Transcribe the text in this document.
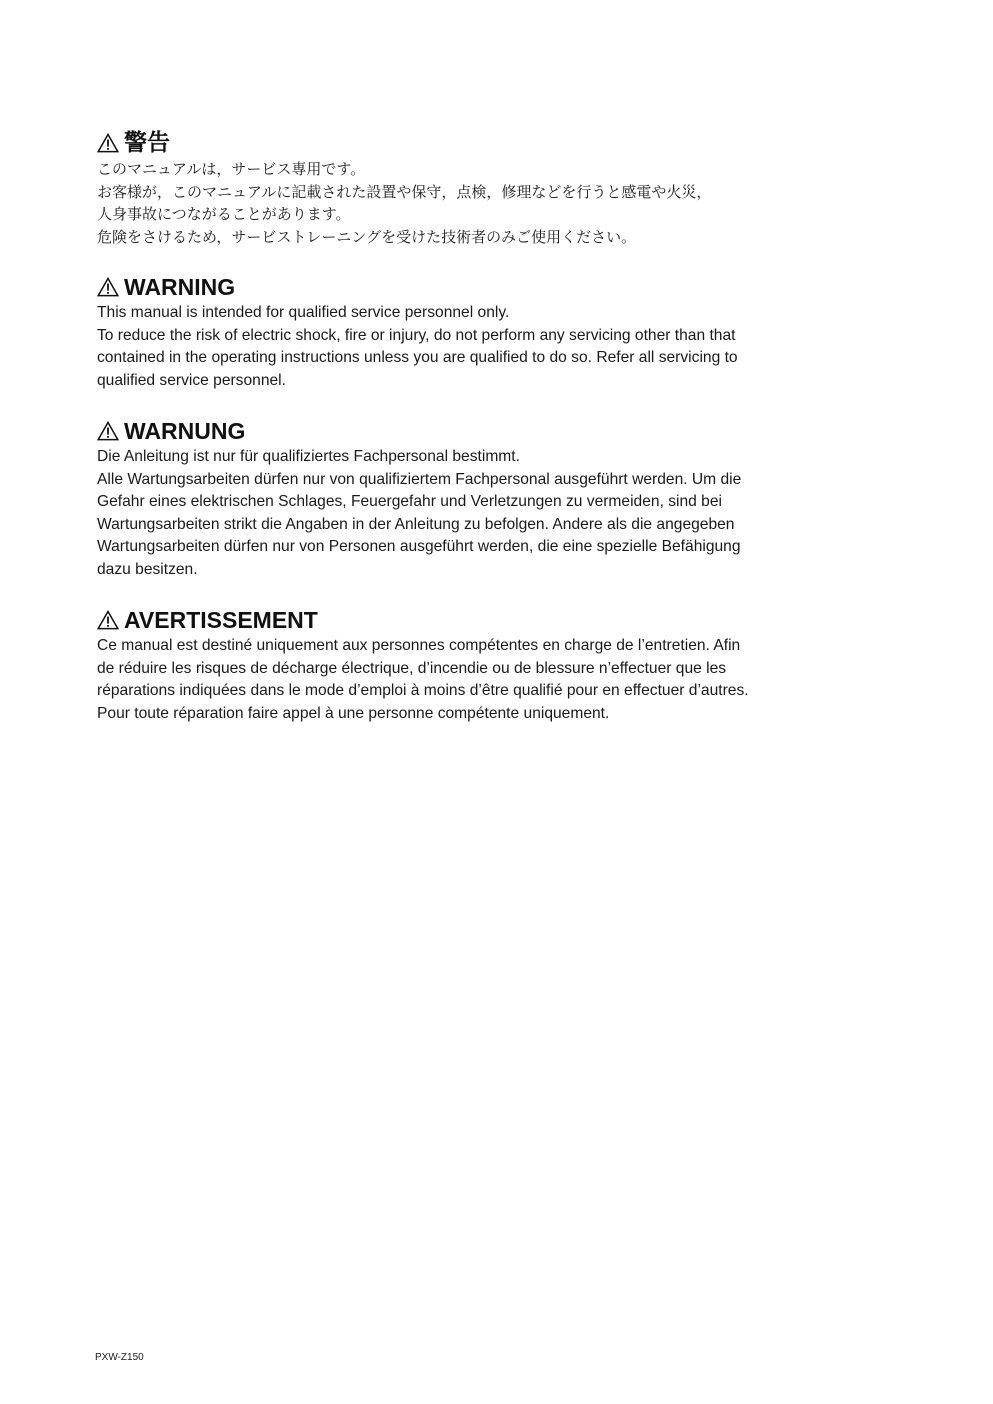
警告

このマニュアルは，サービス専用です。
お客様が，このマニュアルに記載された設置や保守，点検，修理などを行うと感電や火災，
人身事故につながることがあります。
危険をさけるため，サービストレーニングを受けた技術者のみご使用ください。

WARNING

This manual is intended for qualified service personnel only.
To reduce the risk of electric shock, fire or injury, do not perform any servicing other than that
contained in the operating instructions unless you are qualified to do so. Refer all servicing to
qualified service personnel.

WARNUNG

Die Anleitung ist nur für qualifiziertes Fachpersonal bestimmt.
Alle Wartungsarbeiten dürfen nur von qualifiziertem Fachpersonal ausgeführt werden. Um die
Gefahr eines elektrischen Schlages, Feuergefahr und Verletzungen zu vermeiden, sind bei
Wartungsarbeiten strikt die Angaben in der Anleitung zu befolgen. Andere als die angegeben
Wartungsarbeiten dürfen nur von Personen ausgeführt werden, die eine spezielle Befähigung
dazu besitzen.

AVERTISSEMENT

Ce manual est destiné uniquement aux personnes compétentes en charge de l’entretien. Afin
de réduire les risques de décharge électrique, d’incendie ou de blessure n’effectuer que les
réparations indiquées dans le mode d’emploi à moins d’être qualifié pour en effectuer d’autres.
Pour toute réparation faire appel à une personne compétente uniquement.

PXW-Z150
